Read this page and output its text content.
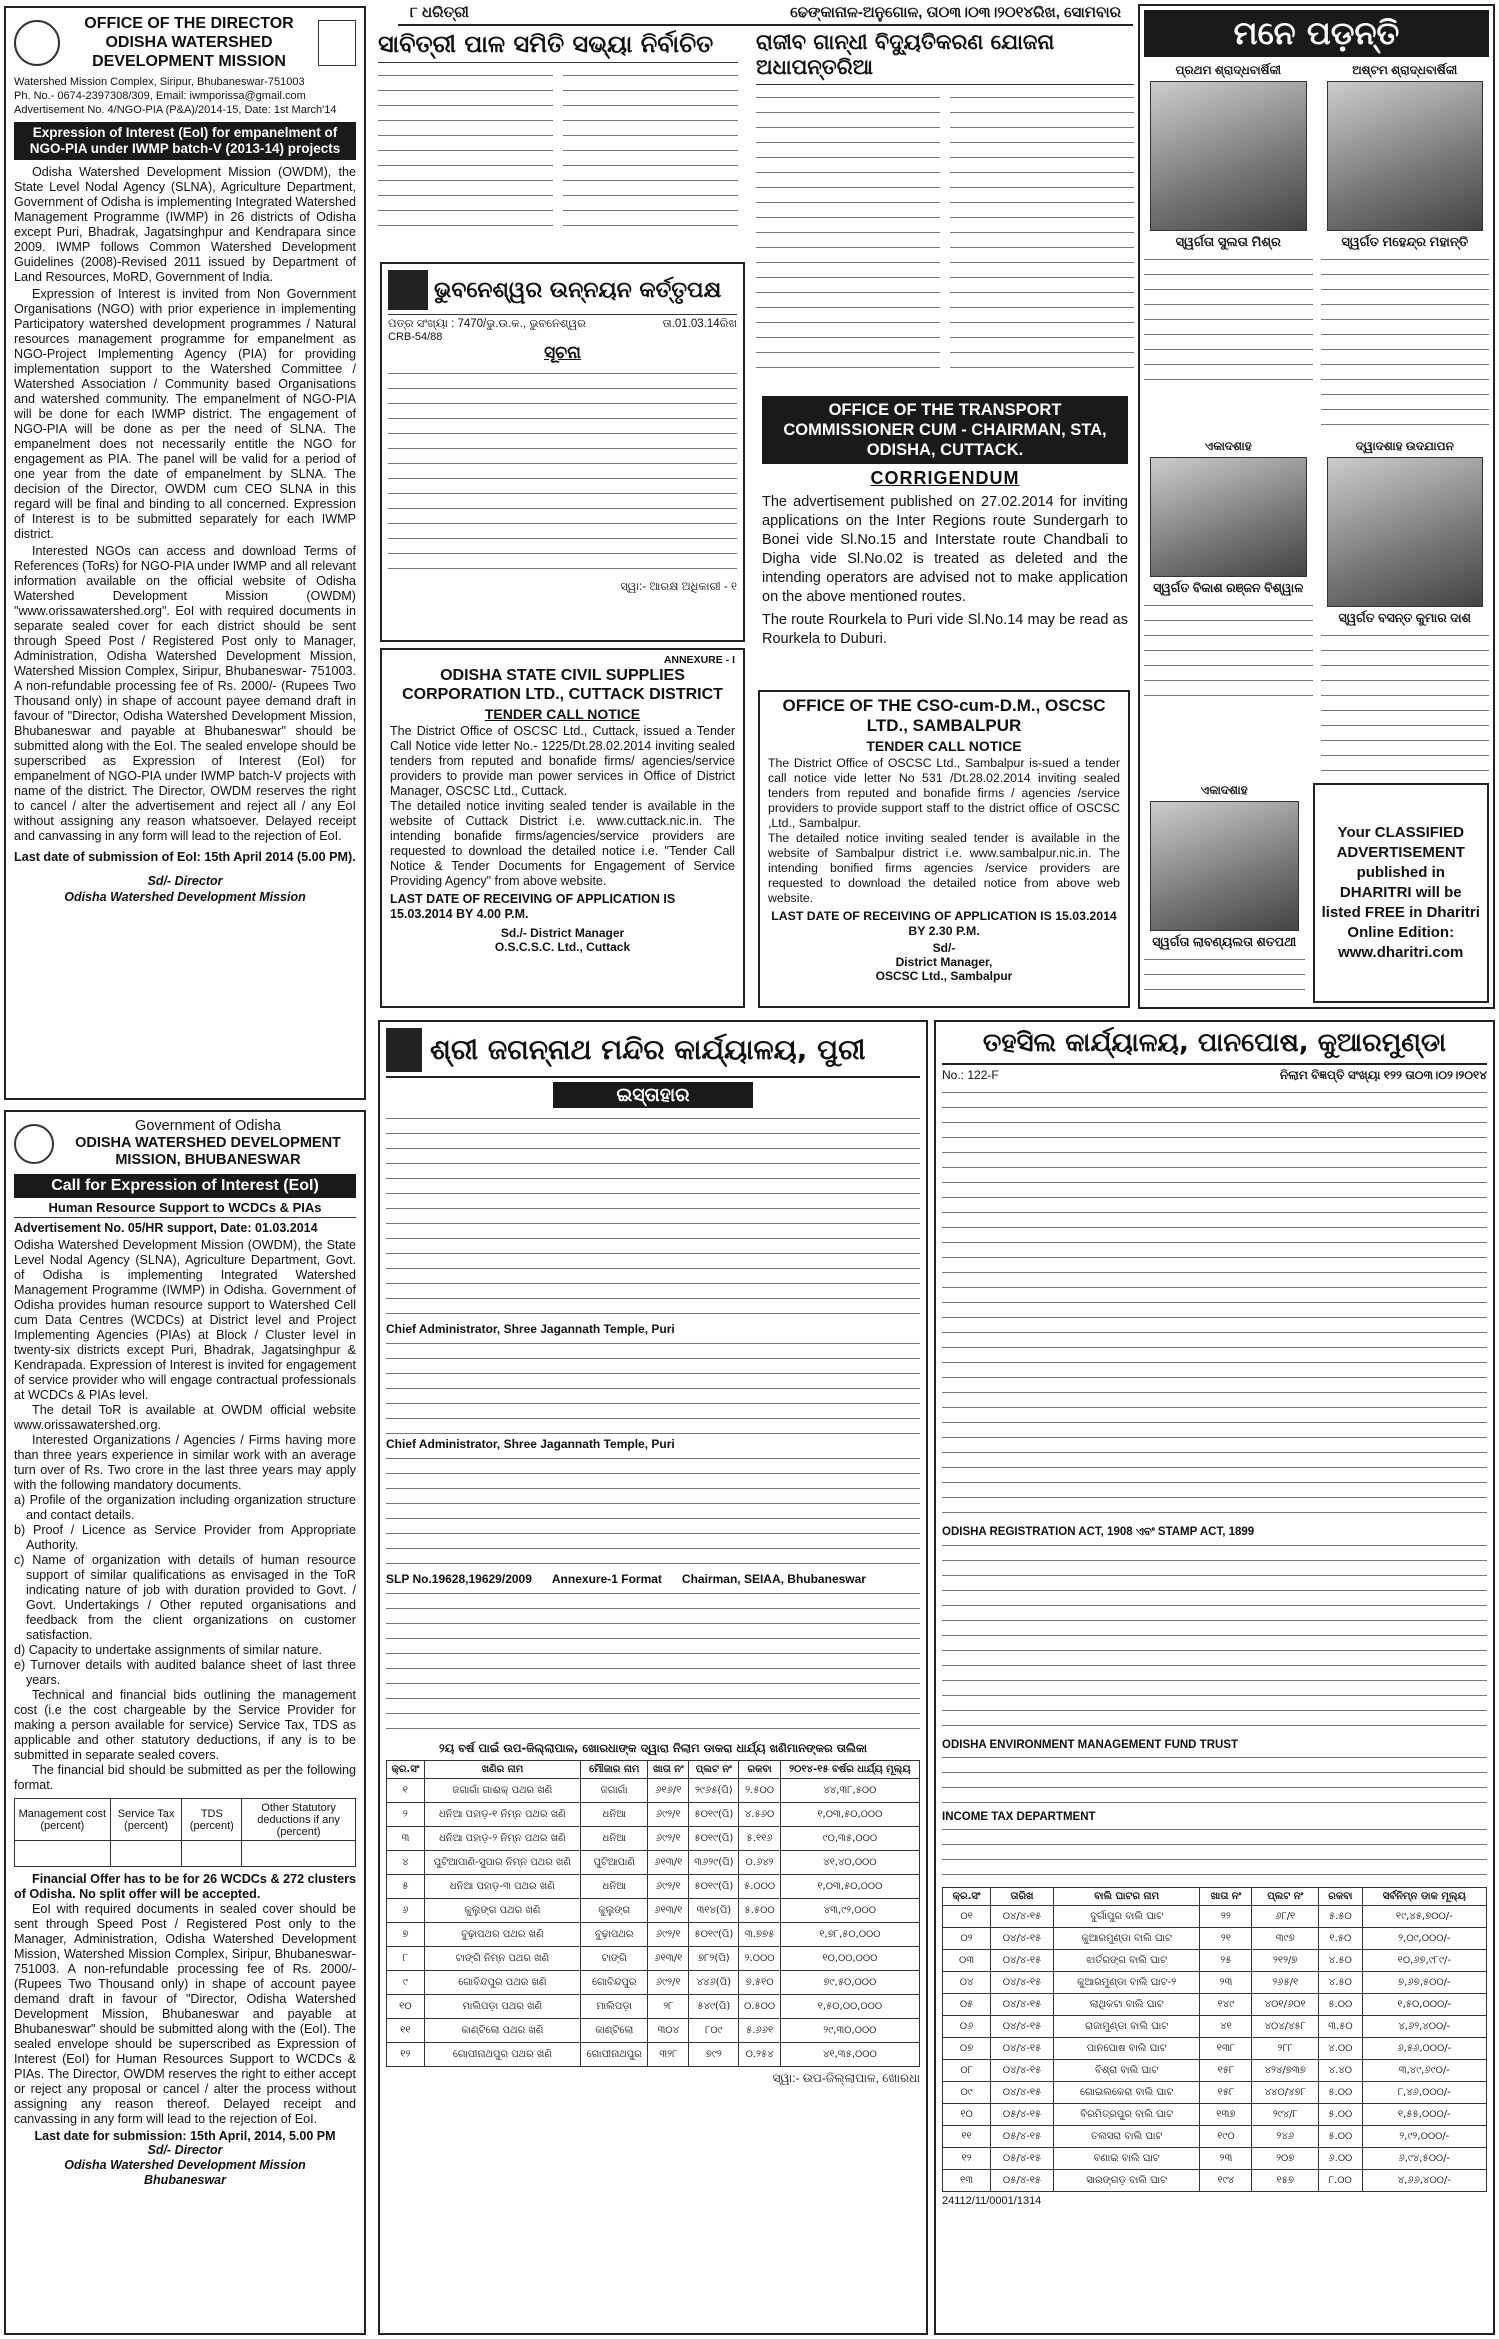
୮ ଧରିତ୍ରୀ	ଢେଙ୍କାନାଳ-ଅନୁଗୋଳ, ତା୦୩।୦୩।୨୦୧୪ରିଖ, ସୋମବାର
OFFICE OF THE DIRECTOR
ODISHA WATERSHED
DEVELOPMENT MISSION
Watershed Mission Complex, Siripur, Bhubaneswar-751003
Ph. No.- 0674-2397308/309, Email: iwmporissa@gmail.com
Advertisement No. 4/NGO-PIA (P&A)/2014-15, Date: 1st March'14
Expression of Interest (EoI) for empanelment of NGO-PIA under IWMP batch-V (2013-14) projects

Odisha Watershed Development Mission (OWDM), the State Level Nodal Agency (SLNA), Agriculture Department, Government of Odisha is implementing Integrated Watershed Management Programme (IWMP) in 26 districts of Odisha except Puri, Bhadrak, Jagatsinghpur and Kendrapara since 2009. IWMP follows Common Watershed Development Guidelines (2008)-Revised 2011 issued by Department of Land Resources, MoRD, Government of India.

Expression of Interest is invited from Non Government Organisations (NGO) with prior experience in implementing Participatory watershed development programmes / Natural resources management programme for empanelment as NGO-Project Implementing Agency (PIA) for providing implementation support to the Watershed Committee / Watershed Association / Community based Organisations and watershed community. The empanelment of NGO-PIA will be done for each IWMP district. The engagement of NGO-PIA will be done as per the need of SLNA. The empanelment does not necessarily entitle the NGO for engagement as PIA. The panel will be valid for a period of one year from the date of empanelment by SLNA. The decision of the Director, OWDM cum CEO SLNA in this regard will be final and binding to all concerned. Expression of Interest is to be submitted separately for each IWMP district.

Interested NGOs can access and download Terms of References (ToRs) for NGO-PIA under IWMP and all relevant information available on the official website of Odisha Watershed Development Mission (OWDM) "www.orissawatershed.org". EoI with required documents in separate sealed cover for each district should be sent through Speed Post / Registered Post only to Manager, Administration, Odisha Watershed Development Mission, Watershed Mission Complex, Siripur, Bhubaneswar- 751003. A non-refundable processing fee of Rs. 2000/- (Rupees Two Thousand only) in shape of account payee demand draft in favour of "Director, Odisha Watershed Development Mission, Bhubaneswar and payable at Bhubaneswar" should be submitted along with the EoI. The sealed envelope should be superscribed as Expression of Interest (EoI) for empanelment of NGO-PIA under IWMP batch-V projects with name of the district. The Director, OWDM reserves the right to cancel / alter the advertisement and reject all / any EoI without assigning any reason whatsoever. Delayed receipt and canvassing in any form will lead to the rejection of EoI.

Last date of submission of EoI: 15th April 2014 (5.00 PM).

Sd/- Director
Odisha Watershed Development Mission
Government of Odisha
ODISHA WATERSHED DEVELOPMENT
MISSION, BHUBANESWAR
Call for Expression of Interest (EoI)
Human Resource Support to WCDCs & PIAs
Advertisement No. 05/HR support, Date: 01.03.2014

Odisha Watershed Development Mission (OWDM), the State Level Nodal Agency (SLNA), Agriculture Department, Govt. of Odisha is implementing Integrated Watershed Management Programme (IWMP) in Odisha. Government of Odisha provides human resource support to Watershed Cell cum Data Centres (WCDCs) at District level and Project Implementing Agencies (PIAs) at Block / Cluster level in twenty-six districts except Puri, Bhadrak, Jagatsinghpur & Kendrapada. Expression of Interest is invited for engagement of service provider who will engage contractual professionals at WCDCs & PIAs level.

The detail ToR is available at OWDM official website www.orissawatershed.org.

Interested Organizations / Agencies / Firms having more than three years experience in similar work with an average turn over of Rs. Two crore in the last three years may apply with the following mandatory documents.

a) Profile of the organization including organization structure and contact details.
b) Proof / Licence as Service Provider from Appropriate Authority.
c) Name of organization with details of human resource support of similar qualifications as envisaged in the ToR indicating nature of job with duration provided to Govt. / Govt. Undertakings / Other reputed organisations and feedback from the client organizations on customer satisfaction.
d) Capacity to undertake assignments of similar nature.
e) Turnover details with audited balance sheet of last three years.

Technical and financial bids outlining the management cost (i.e the cost chargeable by the Service Provider for making a person available for service) Service Tax, TDS as applicable and other statutory deductions, if any is to be submitted in separate sealed covers.

The financial bid should be submitted as per the following format.

Management cost (percent)	Service Tax (percent)	TDS (percent)	Other Statutory deductions if any (percent)

Financial Offer has to be for 26 WCDCs & 272 clusters of Odisha. No split offer will be accepted.

EoI with required documents in sealed cover should be sent through Speed Post / Registered Post only to the Manager, Administration, Odisha Watershed Development Mission, Watershed Mission Complex, Siripur, Bhubaneswar- 751003. A non-refundable processing fee of Rs. 2000/- (Rupees Two Thousand only) in shape of account payee demand draft in favour of "Director, Odisha Watershed Development Mission, Bhubaneswar and payable at Bhubaneswar" should be submitted along with the (EoI). The sealed envelope should be superscribed as Expression of Interest (EoI) for Human Resources Support to WCDCs & PIAs. The Director, OWDM reserves the right to either accept or reject any proposal or cancel / alter the process without assigning any reason thereof. Delayed receipt and canvassing in any form will lead to the rejection of EoI.

Last date for submission: 15th April, 2014, 5.00 PM
Sd/- Director
Odisha Watershed Development Mission
Bhubaneswar
ସାବିତ୍ରୀ ପାଳ ସମିତି ସଭ୍ୟା ନିର୍ବାଚିତ	ରାଜୀବ ଗାନ୍ଧୀ ବିଦ୍ୟୁତିକରଣ ଯୋଜନା ଅଧାପନ୍ତରିଆ
ଭୁବନେଶ୍ୱର ଉନ୍ନୟନ କର୍ତ୍ତୃପକ୍ଷ
ପତ୍ର ସଂଖ୍ୟା : 7470/ଭୁ.ଉ.କ., ଭୁବନେଶ୍ୱର	ତା.01.03.14ରିଖ
CRB-54/88
ସୂଚନା
ସ୍ୱା:- ଆରକ୍ଷ ଅଧିକାରୀ - ୧
OFFICE OF THE TRANSPORT COMMISSIONER CUM - CHAIRMAN, STA, ODISHA, CUTTACK.
CORRIGENDUM

The advertisement published on 27.02.2014 for inviting applications on the Inter Regions route Sundergarh to Bonei vide Sl.No.15 and Interstate route Chandbali to Digha vide Sl.No.02 is treated as deleted and the intending operators are advised not to make application on the above mentioned routes.

The route Rourkela to Puri vide Sl.No.14 may be read as Rourkela to Duburi.

ANNEXURE - I
ODISHA STATE CIVIL SUPPLIES CORPORATION LTD., CUTTACK DISTRICT
TENDER CALL NOTICE

The District Office of OSCSC Ltd., Cuttack, issued a Tender Call Notice vide letter No.- 1225/Dt.28.02.2014 inviting sealed tenders from reputed and bonafide firms/ agencies/service providers to provide man power services in Office of District Manager, OSCSC Ltd., Cuttack.

The detailed notice inviting sealed tender is available in the website of Cuttack District i.e. www.cuttack.nic.in. The intending bonafide firms/agencies/service providers are requested to download the detailed notice i.e. "Tender Call Notice & Tender Documents for Engagement of Service Providing Agency" from above website.

LAST DATE OF RECEIVING OF APPLICATION IS 15.03.2014 BY 4.00 P.M.

Sd./- District Manager
O.S.C.S.C. Ltd., Cuttack
OFFICE OF THE CSO-cum-D.M., OSCSC LTD., SAMBALPUR
TENDER CALL NOTICE

The District Office of OSCSC Ltd., Sambalpur is-sued a tender call notice vide letter No 531 /Dt.28.02.2014 inviting sealed tenders from reputed and bonafide firms / agencies /service providers to provide support staff to the district office of OSCSC ,Ltd., Sambalpur.

The detailed notice inviting sealed tender is available in the website of Sambalpur district i.e. www.sambalpur.nic.in. The intending bonified firms agencies /service providers are requested to download the detailed notice from above web website.

LAST DATE OF RECEIVING OF APPLICATION IS 15.03.2014 BY 2.30 P.M.

Sd/-
District Manager,
OSCSC Ltd., Sambalpur
ମନେ ପଡ଼ନ୍ତି
ପ୍ରଥମ ଶ୍ରାଦ୍ଧବାର୍ଷିକୀ
ସ୍ୱର୍ଗତା ସୁଲତା ମିଶ୍ର
ଅଷ୍ଟମ ଶ୍ରାଦ୍ଧବାର୍ଷିକୀ
ସ୍ୱର୍ଗତ ମହେନ୍ଦ୍ର ମହାନ୍ତି
ଏକାଦଶାହ
ସ୍ୱର୍ଗତ ବିକାଶ ରଞ୍ଜନ ବିଶ୍ୱାଳ
ଦ୍ୱାଦଶାହ ଉଦଯାପନ
ସ୍ୱର୍ଗତ ବସନ୍ତ କୁମାର ଦାଶ
ଏକାଦଶାହ
ସ୍ୱର୍ଗତା ଲାବଣ୍ୟଲତା ଶତପଥୀ
Your CLASSIFIED ADVERTISEMENT published in DHARITRI will be listed FREE in Dharitri Online Edition: www.dharitri.com
ଶ୍ରୀ ଜଗନ୍ନାଥ ମନ୍ଦିର କାର୍ଯ୍ୟାଳୟ, ପୁରୀ
ଇସ୍ତାହାର
Chief Administrator, Shree Jagannath Temple, Puri
Chief Administrator, Shree Jagannath Temple, Puri
SLP No.19628,19629/2009 Annexure-1 Format Chairman, SEIAA, Bhubaneswar
୨ୟ ବର୍ଷ ପାଇଁ ଉପ-ଜିଲ୍ଲାପାଳ, ଖୋରଧାଙ୍କ ଦ୍ୱାରା ନିଲାମ ଡାକରା ଧାର୍ଯ୍ୟ ଖଣିମାନଙ୍କର ତାଲିକା
କ୍ର.ସଂ	ଖଣିର ନାମ	ମୌଜାର ନାମ	ଖାତା ନଂ	ପ୍ଲଟ ନଂ	ରକବା	୨୦୧୪-୧୫ ବର୍ଷର ଧାର୍ଯ୍ୟ ମୂଲ୍ୟ
୧	ଜଗାଗାଁ ଗାଈକ୍ ପଥର ଖଣି	ଜଗାଗାଁ	୬୧୬/୧	୨୯୬୫(ପି)	୨.୫୦୦	୪୪,୩୮,୫୦୦
୨	ଧନିଆ ପହାଡ଼-୧ ନିମ୍ନ ପଥର ଖଣି	ଧନିଆ	୬୯୨/୧	୫୦୧୯(ପି)	୪.୫୬୦	୧,୦୩,୫୦,୦୦୦
୩	ଧନିଆ ପହାଡ଼-୨ ନିମ୍ନ ପଥର ଖଣି	ଧନିଆ	୬୯୨/୧	୫୦୧୯(ପି)	୫.୧୧୬	୯୦,୩୫,୦୦୦
୪	ପୁଟିଆପାଣି-ସୁପାର ନିମ୍ନ ପଥର ଖଣି	ପୁଟିଆପାଣି	୬୧୩/୧	୩୬୨୯(ପି)	୦.୬୪୨	୪୧,୪୦,୦୦୦
୫	ଧନିଆ ପହାଡ଼-୩ ପଥର ଖଣି	ଧନିଆ	୬୯୨/୧	୫୦୧୯(ପି)	୫.୦୦୦	୧,୦୩,୫୦,୦୦୦
୬	କୁଲୁଙ୍ଗ ପଥର ଖଣି	କୁଲୁଙ୍ଗ	୬୧୩/୧	୩୧୪(ପି)	୫.୫୦୦	୪୩,୯୨,୦୦୦
୭	ବୁଢ଼ାପଥର ପଥର ଖଣି	ବୁଢ଼ାପଥର	୬୯୨/୧	୫୦୧୯(ପି)	୩.୭୭୫	୧,୭୮,୫୦,୦୦୦
୮	ଟାଙ୍ଗି ନିମ୍ନ ପଥର ଖଣି	ଟାଙ୍ଗି	୬୧୩/୧	୭୮୨(ପି)	୨.୦୦୦	୧୦,୦୦,୦୦୦
୯	ଗୋବିନ୍ଦପୁର ପଥର ଖଣି	ଗୋବିନ୍ଦପୁର	୬୯୨/୧	୪୪୬(ପି)	୭.୫୧୦	୭୯,୫୦,୦୦୦
୧୦	ମାଲିପଡ଼ା ପଥର ଖଣି	ମାଲିପଡ଼ା	୨୮	୫୪୯(ପି)	୦.୫୦୦	୧,୫୦,୦୦,୦୦୦
୧୧	କାଣ୍ଟିଲୋ ପଥର ଖଣି	କାଣ୍ଟିଲୋ	୩୦୪	୮୦୯	୫.୬୬୧	୨୯,୩୦,୦୦୦
୧୨	ଗୋପୀନାଥପୁର ପଥର ଖଣି	ଗୋପୀନାଥପୁର	୩୨୮	୭୯୨	୦.୨୫୪	୪୧,୩୫,୦୦୦
ସ୍ୱା:- ଉପ-ଜିଲ୍ଲାପାଳ, ଖୋରଧା
ତହସିଲ କାର୍ଯ୍ୟାଳୟ, ପାନପୋଷ, କୁଆରମୁଣ୍ଡା
No.: 122-F	ନିଲାମ ବିଜ୍ଞପ୍ତି ସଂଖ୍ୟା ୧୨୨ ତା୦୩।୦୨।୨୦୧୪
ODISHA REGISTRATION ACT, 1908 ଏବଂ STAMP ACT, 1899
ODISHA ENVIRONMENT MANAGEMENT FUND TRUST
INCOME TAX DEPARTMENT
କ୍ର.ସଂ	ତାରିଖ	ବାଲି ଘାଟର ନାମ	ଖାତା ନଂ	ପ୍ଲଟ ନଂ	ରକବା	ସର୍ବନିମ୍ନ ଡାକ ମୂଲ୍ୟ
୦୧	୦୪/୪-୧୫	ଦୁର୍ଗାପୁର ବାଲି ଘାଟ	୨୨	୬୮/୧	୫.୫୦	୧୯,୪୫,୭୦୦/-
୦୨	୦୪/୪-୧୫	କୁଆରମୁଣ୍ଡା ବାଲି ଘାଟ	୨୧	୩୯୭	୧.୫୦	୨,୦୯,୦୦୦/-
୦୩	୦୪/୪-୧୫	ଝାର୍ତରଙ୍ଗ ବାଲି ଘାଟ	୨୫	୨୧୨/୭	୪.୫୦	୧୦,୬୭,୯୮୯/-
୦୪	୦୪/୪-୧୫	କୁଆରମୁଣ୍ଡା ବାଲି ଘାଟ-୨	୨୩	୨୬୫/୧	୪.୫୦	୭,୬୭,୫୦୦/-
୦୫	୦୪/୪-୧୫	ଲାଥିକଟା ବାଲି ଘାଟ	୧୪୯	୪୦୧/୬୦୧	୫.୦୦	୧,୫୦,୦୦୦/-
୦୬	୦୪/୪-୧୫	ରାଜାମୁଣ୍ଡା ବାଲି ଘାଟ	୪୧	୪୦୪/୪୫୮	୩.୫୦	୪,୬୨,୪୦୦/-
୦୭	୦୪/୪-୧୫	ପାନପୋଷ ବାଲି ଘାଟ	୧୩୮	୨୮୮	୪.୦୦	୬,୫୬,୦୦୦/-
୦୮	୦୪/୪-୧୫	ବିଶ୍ରା ବାଲି ଘାଟ	୧୫୮	୪୨୪/୭୩୭	୪.୪୦	୩,୪୯,୬୯୦/-
୦୯	୦୪/୪-୧୫	ଗୋଇଲକେରା ବାଲି ଘାଟ	୧୫୮	୪୪୦/୪୭୮	୫.୦୦	୮,୪୬,୦୦୦/-
୧୦	୦୫/୪-୧୫	ବିରମିତ୍ରପୁର ବାଲି ଘାଟ	୧୩୭	୨୯୪/୮	୫.୦୦	୧,୫୫,୦୦୦/-
୧୧	୦୫/୪-୧୫	ତଲସରା ବାଲି ଘାଟ	୧୯୦	୨୪୬	୫.୦୦	୨,୯୨,୦୦୦/-
୧୨	୦୫/୪-୧୫	ବଣାଇ ବାଲି ଘାଟ	୨୩	୨୦୭	୬.୦୦	୬,୯୪,୫୦୦/-
୧୩	୦୫/୪-୧୫	ସାରଙ୍ଗଡ଼ ବାଲି ଘାଟ	୧୯୪	୧୫୭	୮.୦୦	୪,୬୬,୪୦୦/-
24112/11/0001/1314
